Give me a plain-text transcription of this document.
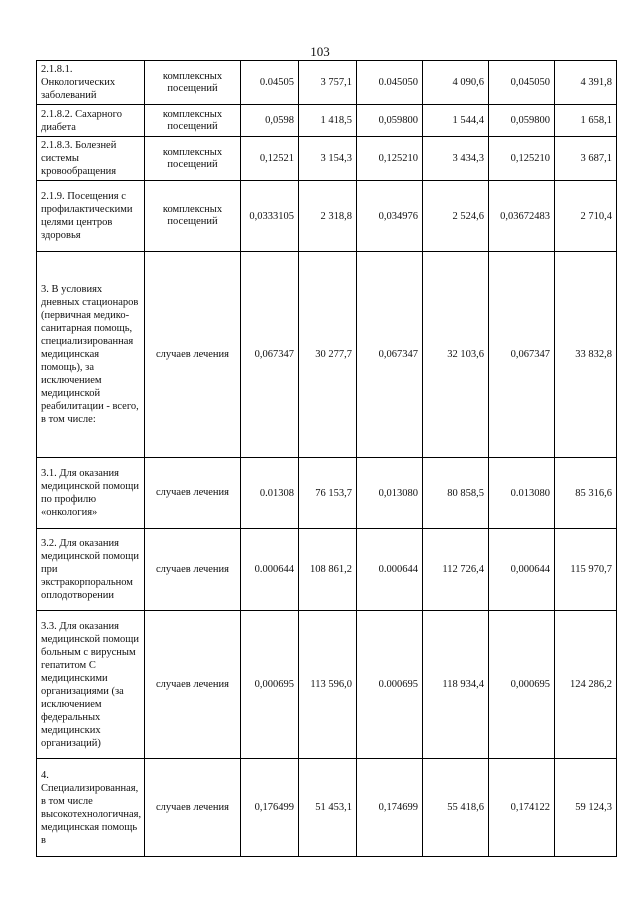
103
2.1.8.1. Онкологических заболеваний	комплексных посещений	0.04505	3 757,1	0.045050	4 090,6	0,045050	4 391,8
2.1.8.2. Сахарного диабета	комплексных посещений	0,0598	1 418,5	0,059800	1 544,4	0,059800	1 658,1
2.1.8.3. Болезней системы кровообращения	комплексных посещений	0,12521	3 154,3	0,125210	3 434,3	0,125210	3 687,1
2.1.9. Посещения с профилактическими целями центров здоровья	комплексных посещений	0,0333105	2 318,8	0,034976	2 524,6	0,03672483	2 710,4
3. В условиях дневных стационаров (первичная медико-санитарная помощь, специализированная медицинская помощь), за исключением медицинской реабилитации - всего, в том числе:	случаев лечения	0,067347	30 277,7	0,067347	32 103,6	0,067347	33 832,8
3.1. Для оказания медицинской помощи по профилю «онкология»	случаев лечения	0.01308	76 153,7	0,013080	80 858,5	0.013080	85 316,6
3.2. Для оказания медицинской помощи при экстракорпоральном оплодотворении	случаев лечения	0.000644	108 861,2	0.000644	112 726,4	0,000644	115 970,7
3.3. Для оказания медицинской помощи больным с вирусным гепатитом С медицинскими организациями (за исключением федеральных медицинских организаций)	случаев лечения	0,000695	113 596,0	0.000695	118 934,4	0,000695	124 286,2
4. Специализированная, в том числе высокотехнологичная, медицинская помощь в	случаев лечения	0,176499	51 453,1	0,174699	55 418,6	0,174122	59 124,3
